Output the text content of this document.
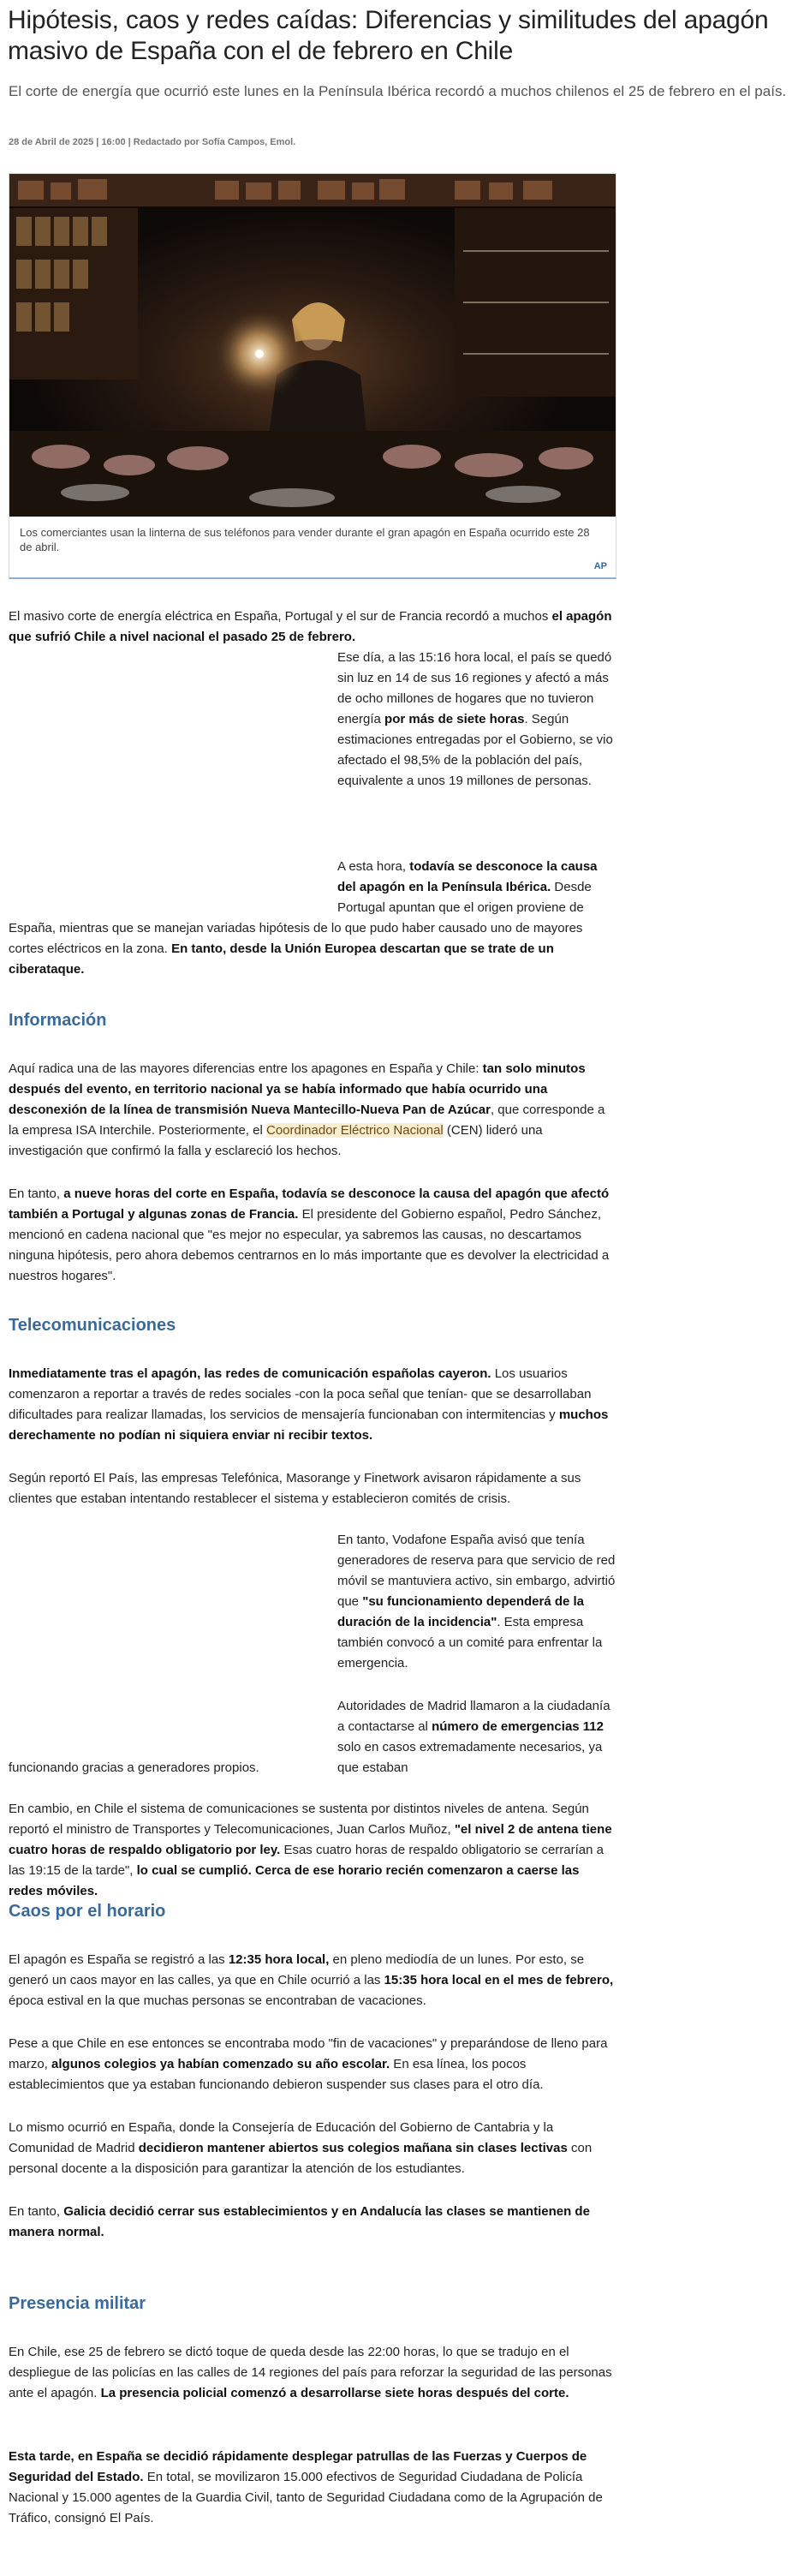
Hipótesis, caos y redes caídas: Diferencias y similitudes del apagón masivo de España con el de febrero en Chile

El corte de energía que ocurrió este lunes en la Península Ibérica recordó a muchos chilenos el 25 de febrero en el país.

28 de Abril de 2025 | 16:00 | Redactado por Sofía Campos, Emol.

Los comerciantes usan la linterna de sus teléfonos para vender durante el gran apagón en España ocurrido este 28 de abril.

AP

El masivo corte de energía eléctrica en España, Portugal y el sur de Francia recordó a muchos el apagón que sufrió Chile a nivel nacional el pasado 25 de febrero.

Ese día, a las 15:16 hora local, el país se quedó sin luz en 14 de sus 16 regiones y afectó a más de ocho millones de hogares que no tuvieron energía por más de siete horas. Según estimaciones entregadas por el Gobierno, se vio afectado el 98,5% de la población del país, equivalente a unos 19 millones de personas.

A esta hora, todavía se desconoce la causa del apagón en la Península Ibérica. Desde Portugal apuntan que el origen proviene de

España, mientras que se manejan variadas hipótesis de lo que pudo haber causado uno de mayores cortes eléctricos en la zona. En tanto, desde la Unión Europea descartan que se trate de un ciberataque.

Información

Aquí radica una de las mayores diferencias entre los apagones en España y Chile: tan solo minutos después del evento, en territorio nacional ya se había informado que había ocurrido una desconexión de la línea de transmisión Nueva Mantecillo-Nueva Pan de Azúcar, que corresponde a la empresa ISA Interchile. Posteriormente, el Coordinador Eléctrico Nacional (CEN) lideró una investigación que confirmó la falla y esclareció los hechos.

En tanto, a nueve horas del corte en España, todavía se desconoce la causa del apagón que afectó también a Portugal y algunas zonas de Francia. El presidente del Gobierno español, Pedro Sánchez, mencionó en cadena nacional que "es mejor no especular, ya sabremos las causas, no descartamos ninguna hipótesis, pero ahora debemos centrarnos en lo más importante que es devolver la electricidad a nuestros hogares".

Telecomunicaciones

Inmediatamente tras el apagón, las redes de comunicación españolas cayeron. Los usuarios comenzaron a reportar a través de redes sociales -con la poca señal que tenían- que se desarrollaban dificultades para realizar llamadas, los servicios de mensajería funcionaban con intermitencias y muchos derechamente no podían ni siquiera enviar ni recibir textos.

Según reportó El País, las empresas Telefónica, Masorange y Finetwork avisaron rápidamente a sus clientes que estaban intentando restablecer el sistema y establecieron comités de crisis.

En tanto, Vodafone España avisó que tenía generadores de reserva para que servicio de red móvil se mantuviera activo, sin embargo, advirtió que "su funcionamiento dependerá de la duración de la incidencia". Esta empresa también convocó a un comité para enfrentar la emergencia.

Autoridades de Madrid llamaron a la ciudadanía a contactarse al número de emergencias 112 solo en casos extremadamente necesarios, ya que estaban

funcionando gracias a generadores propios.

En cambio, en Chile el sistema de comunicaciones se sustenta por distintos niveles de antena. Según reportó el ministro de Transportes y Telecomunicaciones, Juan Carlos Muñoz, "el nivel 2 de antena tiene cuatro horas de respaldo obligatorio por ley. Esas cuatro horas de respaldo obligatorio se cerrarían a las 19:15 de la tarde", lo cual se cumplió. Cerca de ese horario recién comenzaron a caerse las redes móviles.

Caos por el horario

El apagón es España se registró a las 12:35 hora local, en pleno mediodía de un lunes. Por esto, se generó un caos mayor en las calles, ya que en Chile ocurrió a las 15:35 hora local en el mes de febrero, época estival en la que muchas personas se encontraban de vacaciones.

Pese a que Chile en ese entonces se encontraba modo "fin de vacaciones" y preparándose de lleno para marzo, algunos colegios ya habían comenzado su año escolar. En esa línea, los pocos establecimientos que ya estaban funcionando debieron suspender sus clases para el otro día.

Lo mismo ocurrió en España, donde la Consejería de Educación del Gobierno de Cantabria y la Comunidad de Madrid decidieron mantener abiertos sus colegios mañana sin clases lectivas con personal docente a la disposición para garantizar la atención de los estudiantes.

En tanto, Galicia decidió cerrar sus establecimientos y en Andalucía las clases se mantienen de manera normal.

Presencia militar

En Chile, ese 25 de febrero se dictó toque de queda desde las 22:00 horas, lo que se tradujo en el despliegue de las policías en las calles de 14 regiones del país para reforzar la seguridad de las personas ante el apagón. La presencia policial comenzó a desarrollarse siete horas después del corte.

Esta tarde, en España se decidió rápidamente desplegar patrullas de las Fuerzas y Cuerpos de Seguridad del Estado. En total, se movilizaron 15.000 efectivos de Seguridad Ciudadana de Policía Nacional y 15.000 agentes de la Guardia Civil, tanto de Seguridad Ciudadana como de la Agrupación de Tráfico, consignó El País.
